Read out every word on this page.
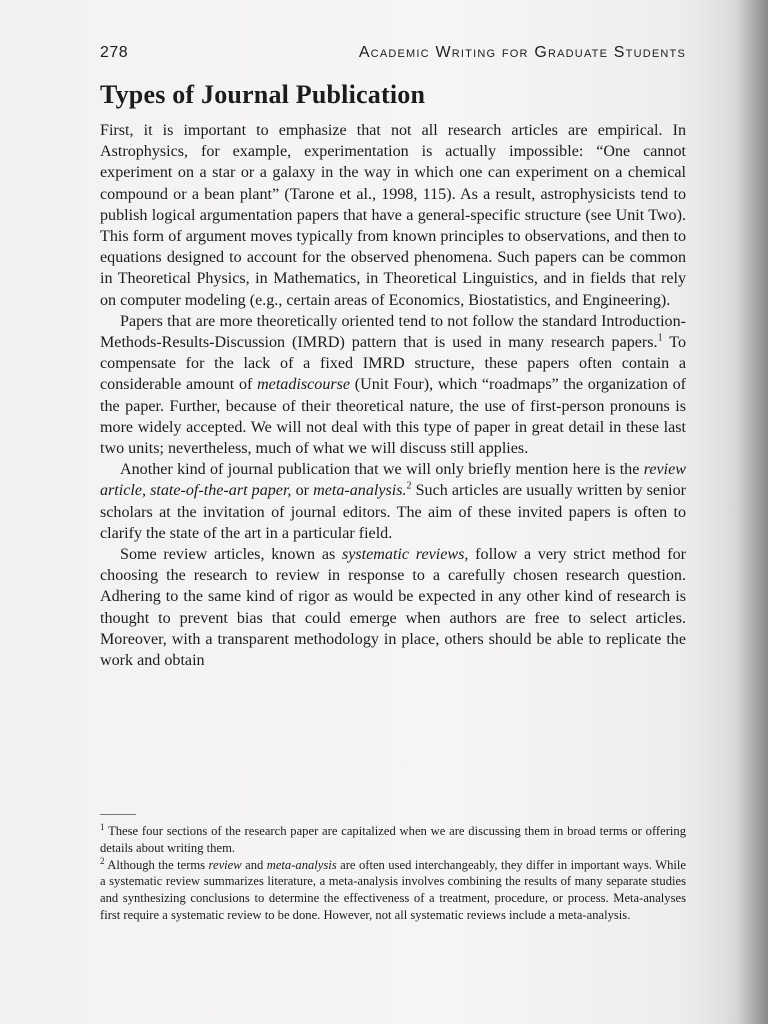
278	Academic Writing for Graduate Students
Types of Journal Publication

First, it is important to emphasize that not all research articles are empirical. In Astrophysics, for example, experimentation is actually impossible: “One cannot experiment on a star or a galaxy in the way in which one can experiment on a chemical compound or a bean plant” (Tarone et al., 1998, 115). As a result, astrophysicists tend to publish logical argumentation papers that have a general-specific structure (see Unit Two). This form of argument moves typically from known principles to observations, and then to equations designed to account for the observed phenomena. Such papers can be common in Theoretical Physics, in Mathematics, in Theoretical Linguistics, and in fields that rely on computer modeling (e.g., certain areas of Economics, Biostatistics, and Engineering).

Papers that are more theoretically oriented tend to not follow the standard Introduction-Methods-Results-Discussion (IMRD) pattern that is used in many research papers.$^1$ To compensate for the lack of a fixed IMRD structure, these papers often contain a considerable amount of metadiscourse (Unit Four), which “roadmaps” the organization of the paper. Further, because of their theoretical nature, the use of first-person pronouns is more widely accepted. We will not deal with this type of paper in great detail in these last two units; nevertheless, much of what we will discuss still applies.

Another kind of journal publication that we will only briefly mention here is the review article, state-of-the-art paper, or meta-analysis.$^2$ Such articles are usually written by senior scholars at the invitation of journal editors. The aim of these invited papers is often to clarify the state of the art in a particular field.

Some review articles, known as systematic reviews, follow a very strict method for choosing the research to review in response to a carefully chosen research question. Adhering to the same kind of rigor as would be expected in any other kind of research is thought to prevent bias that could emerge when authors are free to select articles. Moreover, with a transparent methodology in place, others should be able to replicate the work and obtain

$^1$ These four sections of the research paper are capitalized when we are discussing them in broad terms or offering details about writing them.

$^2$ Although the terms review and meta-analysis are often used interchangeably, they differ in important ways. While a systematic review summarizes literature, a meta-analysis involves combining the results of many separate studies and synthesizing conclusions to determine the effectiveness of a treatment, procedure, or process. Meta-analyses first require a systematic review to be done. However, not all systematic reviews include a meta-analysis.
